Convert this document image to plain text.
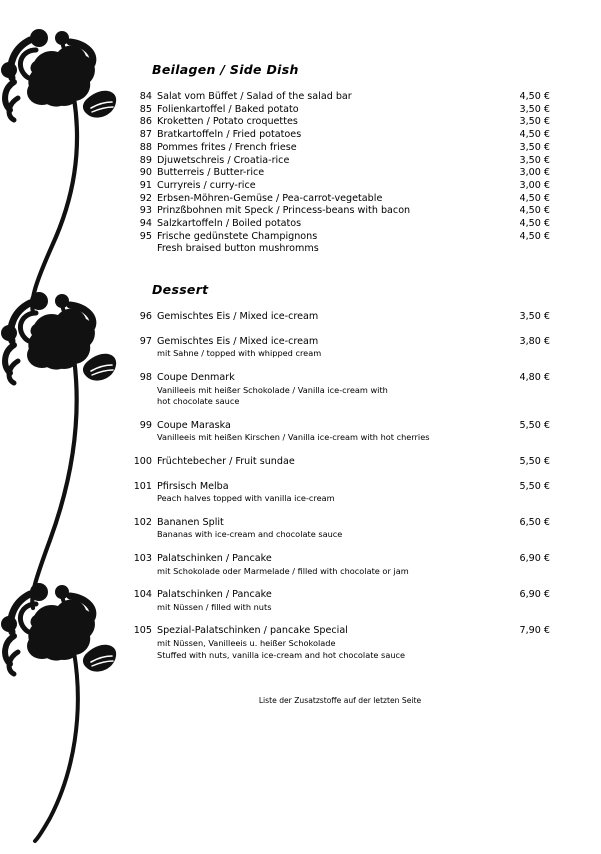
Beilagen / Side Dish
84 Salat vom Büffet / Salad of the salad bar	4,50 €
85 Folienkartoffel / Baked potato	3,50 €
86 Kroketten / Potato croquettes	3,50 €
87 Bratkartoffeln / Fried potatoes	4,50 €
88 Pommes frites / French friese	3,50 €
89 Djuwetschreis / Croatia-rice	3,50 €
90 Butterreis / Butter-rice	3,00 €
91 Curryreis / curry-rice	3,00 €
92 Erbsen-Möhren-Gemüse / Pea-carrot-vegetable	4,50 €
93 Prinzßbohnen mit Speck / Princess-beans with bacon	4,50 €
94 Salzkartoffeln / Boiled potatos	4,50 €
95 Frische gedünstete Champignons	4,50 €
Fresh braised button mushromms
Dessert
96 Gemischtes Eis / Mixed ice-cream	3,50 €
97 Gemischtes Eis / Mixed ice-cream	3,80 €
mit Sahne / topped with whipped cream
98 Coupe Denmark	4,80 €
Vanilleeis mit heißer Schokolade / Vanilla ice-cream with
hot chocolate sauce
99 Coupe Maraska	5,50 €
Vanilleeis mit heißen Kirschen / Vanilla ice-cream with hot cherries
100 Früchtebecher / Fruit sundae	5,50 €
101 Pfirsisch Melba	5,50 €
Peach halves topped with vanilla ice-cream
102 Bananen Split	6,50 €
Bananas with ice-cream and chocolate sauce
103 Palatschinken / Pancake	6,90 €
mit Schokolade oder Marmelade / filled with chocolate or jam
104 Palatschinken / Pancake	6,90 €
mit Nüssen / filled with nuts
105 Spezial-Palatschinken / pancake Special	7,90 €
mit Nüssen, Vanilleeis u. heißer Schokolade
Stuffed with nuts, vanilla ice-cream and hot chocolate sauce
Liste der Zusatzstoffe auf der letzten Seite
